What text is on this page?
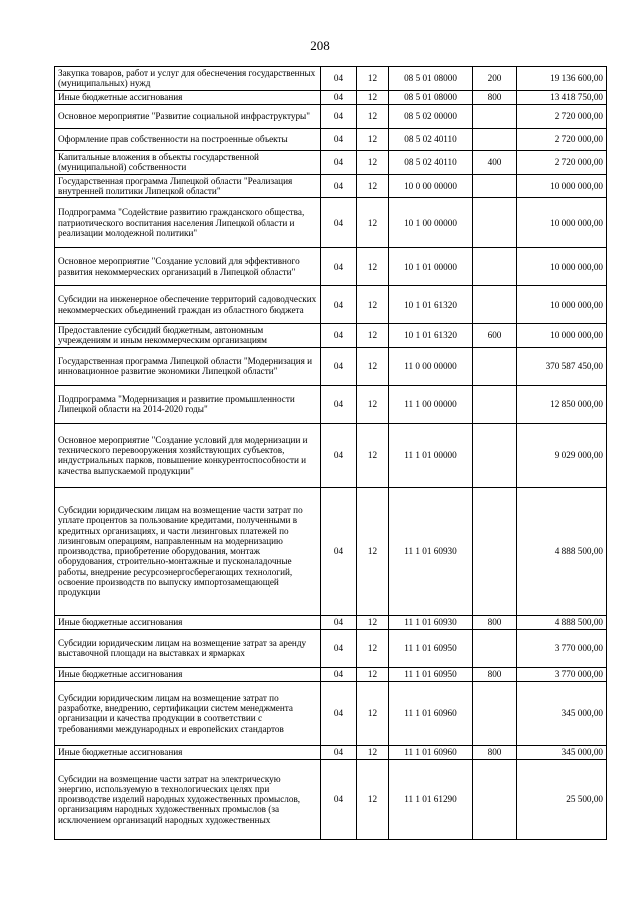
208
Закупка товаров, работ и услуг для обеснечения государственных (муниципальных) нужд	04	12	08 5 01 08000	200	19 136 600,00
Иные бюджетные ассигнования	04	12	08 5 01 08000	800	13 418 750,00
Основное мероприятие "Развитие социальной инфраструктуры"	04	12	08 5 02 00000		2 720 000,00
Оформление прав собственности на построенные объекты	04	12	08 5 02 40110		2 720 000,00
Капитальные вложения в объекты государственной (муниципальной) собственности	04	12	08 5 02 40110	400	2 720 000,00
Государственная программа Липецкой области "Реализация внутренней политики Липецкой области"	04	12	10 0 00 00000		10 000 000,00
Подпрограмма "Содействие развитию гражданского общества, патриотического воспитания населения Липецкой области и реализации молодежной политики"	04	12	10 1 00 00000		10 000 000,00
Основное мероприятие "Создание условий для эффективного развития некоммерческих организаций в Липецкой области"	04	12	10 1 01 00000		10 000 000,00
Субсидии на инженерное обеспечение территорий садоводческих некоммерческих объединений граждан из областного бюджета	04	12	10 1 01 61320		10 000 000,00
Предоставление субсидий бюджетным, автономным учреждениям и иным некоммерческим организациям	04	12	10 1 01 61320	600	10 000 000,00
Государственная программа Липецкой области "Модернизация и инновационное развитие экономики Липецкой области"	04	12	11 0 00 00000		370 587 450,00
Подпрограмма "Модернизация и развитие промышленности Липецкой области на 2014-2020 годы"	04	12	11 1 00 00000		12 850 000,00
Основное мероприятие "Создание условий для модернизации и технического перевооружения хозяйствующих субъектов, индустриальных парков, повышение конкурентоспособности и качества выпускаемой продукции"	04	12	11 1 01 00000		9 029 000,00
Субсидии юридическим лицам на возмещение части затрат по уплате процентов за пользование кредитами, полученными в кредитных организациях, и части лизинговых платежей по лизинговым операциям, направленным на модернизацию производства, приобретение оборудования, монтаж оборудования, строительно-монтажные и пусконаладочные работы, внедрение ресурсоэнергосберегающих технологий, освоение производств по выпуску импортозамещающей продукции	04	12	11 1 01 60930		4 888 500,00
Иные бюджетные ассигнования	04	12	11 1 01 60930	800	4 888 500,00
Субсидии юридическим лицам на возмещение затрат за аренду выставочной площади на выставках и ярмарках	04	12	11 1 01 60950		3 770 000,00
Иные бюджетные ассигнования	04	12	11 1 01 60950	800	3 770 000,00
Субсидии юридическим лицам на возмещение затрат по разработке, внедрению, сертификации систем менеджмента организации и качества продукции в соответствии с требованиями международных и европейских стандартов	04	12	11 1 01 60960		345 000,00
Иные бюджетные ассигнования	04	12	11 1 01 60960	800	345 000,00
Субсидии на возмещение части затрат на электрическую энергию, используемую в технологических целях при производстве изделий народных художественных промыслов, организациям народных художественных промыслов (за исключением организаций народных художественных	04	12	11 1 01 61290		25 500,00
